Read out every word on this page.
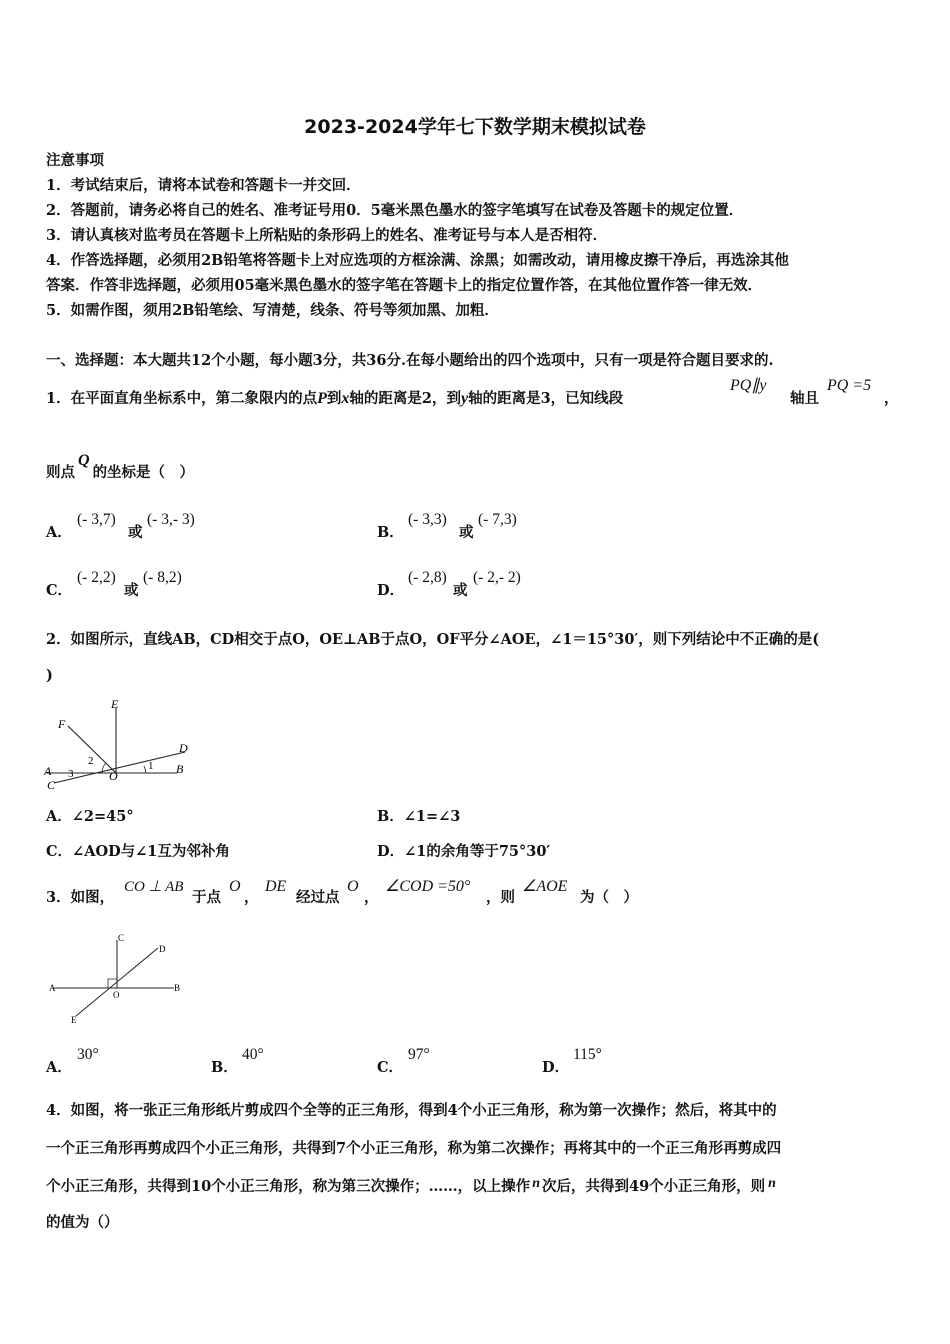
2023-2024学年七下数学期末模拟试卷
注意事项
1．考试结束后，请将本试卷和答题卡一并交回．
2．答题前，请务必将自己的姓名、准考证号用0．5毫米黑色墨水的签字笔填写在试卷及答题卡的规定位置．
3．请认真核对监考员在答题卡上所粘贴的条形码上的姓名、准考证号与本人是否相符．
4．作答选择题，必须用2B铅笔将答题卡上对应选项的方框涂满、涂黑；如需改动，请用橡皮擦干净后，再选涂其他
答案．作答非选择题，必须用05毫米黑色墨水的签字笔在答题卡上的指定位置作答，在其他位置作答一律无效．
5．如需作图，须用2B铅笔绘、写清楚，线条、符号等须加黑、加粗．
一、选择题：本大题共12个小题，每小题3分，共36分.在每小题给出的四个选项中，只有一项是符合题目要求的.
1．在平面直角坐标系中，第二象限内的点P到x轴的距离是2，到y轴的距离是3，已知线段
PQ∥y
轴且
PQ =5
，
则点Q的坐标是（　）
A．
(- 3,7)
或
(- 3,- 3)
B．
(- 3,3)
或
(- 7,3)
C．
(- 2,2)
或
(- 8,2)
D．
(- 2,8)
或
(- 2,- 2)
2．如图所示，直线AB，CD相交于点O，OE⊥AB于点O，OF平分∠AOE，∠1＝15°30′，则下列结论中不正确的是(
)
E
F
D
2	1
A 3	O	B
C
A．∠2=45°	B．∠1=∠3
C．∠AOD与∠1互为邻补角	D．∠1的余角等于75°30′
3．如图，
CO ⊥ AB
于点
O
，
DE
经过点
O
，
∠COD =50°
，则
∠AOE
为（　）
C
D
A
O
B
E
A．
30°
B．
40°
C．
97°
D．
115°
4．如图，将一张正三角形纸片剪成四个全等的正三角形，得到4个小正三角形，称为第一次操作；然后，将其中的
一个正三角形再剪成四个小正三角形，共得到7个小正三角形，称为第二次操作；再将其中的一个正三角形再剪成四
个小正三角形，共得到10个小正三角形，称为第三次操作；……，以上操作 n 次后，共得到49个小正三角形，则 n
的值为（）
